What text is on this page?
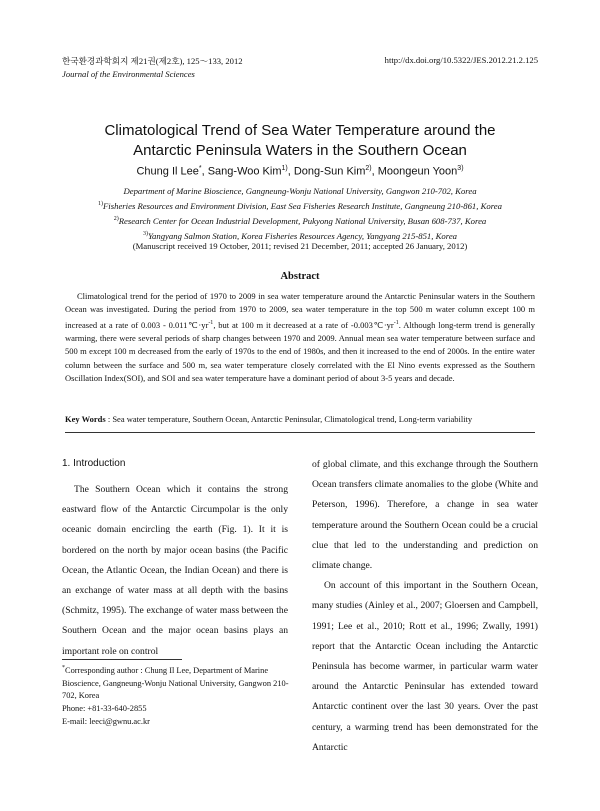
한국환경과학회지 제21권(제2호), 125～133, 2012
Journal of the Environmental Sciences
http://dx.doi.org/10.5322/JES.2012.21.2.125
Climatological Trend of Sea Water Temperature around the
Antarctic Peninsula Waters in the Southern Ocean
Chung Il Lee*, Sang-Woo Kim$^{1)}$, Dong-Sun Kim$^{2)}$, Moongeun Yoon$^{3)}$
Department of Marine Bioscience, Gangneung-Wonju National University, Gangwon 210-702, Korea
$^{1)}$Fisheries Resources and Environment Division, East Sea Fisheries Research Institute, Gangneung 210-861, Korea
$^{2)}$Research Center for Ocean Industrial Development, Pukyong National University, Busan 608-737, Korea
$^{3)}$Yangyang Salmon Station, Korea Fisheries Resources Agency, Yangyang 215-851, Korea
(Manuscript received 19 October, 2011; revised 21 December, 2011; accepted 26 January, 2012)
Abstract

Climatological trend for the period of 1970 to 2009 in sea water temperature around the Antarctic Peninsular waters in the Southern Ocean was investigated. During the period from 1970 to 2009, sea water temperature in the top 500 m water column except 100 m increased at a rate of $0.003 - 0.011℃\cdot yr^{-1}$, but at 100 m it decreased at a rate of $-0.003℃\cdot yr^{-1}$. Although long-term trend is generally warming, there were several periods of sharp changes between 1970 and 2009. Annual mean sea water temperature between surface and 500 m except 100 m decreased from the early of 1970s to the end of 1980s, and then it increased to the end of 2000s. In the entire water column between the surface and 500 m, sea water temperature closely correlated with the El Nino events expressed as the Southern Oscillation Index(SOI), and SOI and sea water temperature have a dominant period of about 3-5 years and decade.

Key Words : Sea water temperature, Southern Ocean, Antarctic Peninsular, Climatological trend, Long-term variability
1. Introduction

The Southern Ocean which it contains the strong eastward flow of the Antarctic Circumpolar is the only oceanic domain encircling the earth (Fig. 1). It it is bordered on the north by major ocean basins (the Pacific Ocean, the Atlantic Ocean, the Indian Ocean) and there is an exchange of water mass at all depth with the basins (Schmitz, 1995). The exchange of water mass between the Southern Ocean and the major ocean basins plays an important role on control

of global climate, and this exchange through the Southern Ocean transfers climate anomalies to the globe (White and Peterson, 1996). Therefore, a change in sea water temperature around the Southern Ocean could be a crucial clue that led to the understanding and prediction on climate change.

On account of this important in the Southern Ocean, many studies (Ainley et al., 2007; Gloersen and Campbell, 1991; Lee et al., 2010; Rott et al., 1996; Zwally, 1991) report that the Antarctic Ocean including the Antarctic Peninsula has become warmer, in particular warm water around the Antarctic Peninsular has extended toward Antarctic continent over the last 30 years. Over the past century, a warming trend has been demonstrated for the Antarctic

*Corresponding author : Chung Il Lee, Department of Marine Bioscience, Gangneung-Wonju National University, Gangwon 210-702, Korea
Phone: +81-33-640-2855
E-mail: leeci@gwnu.ac.kr
